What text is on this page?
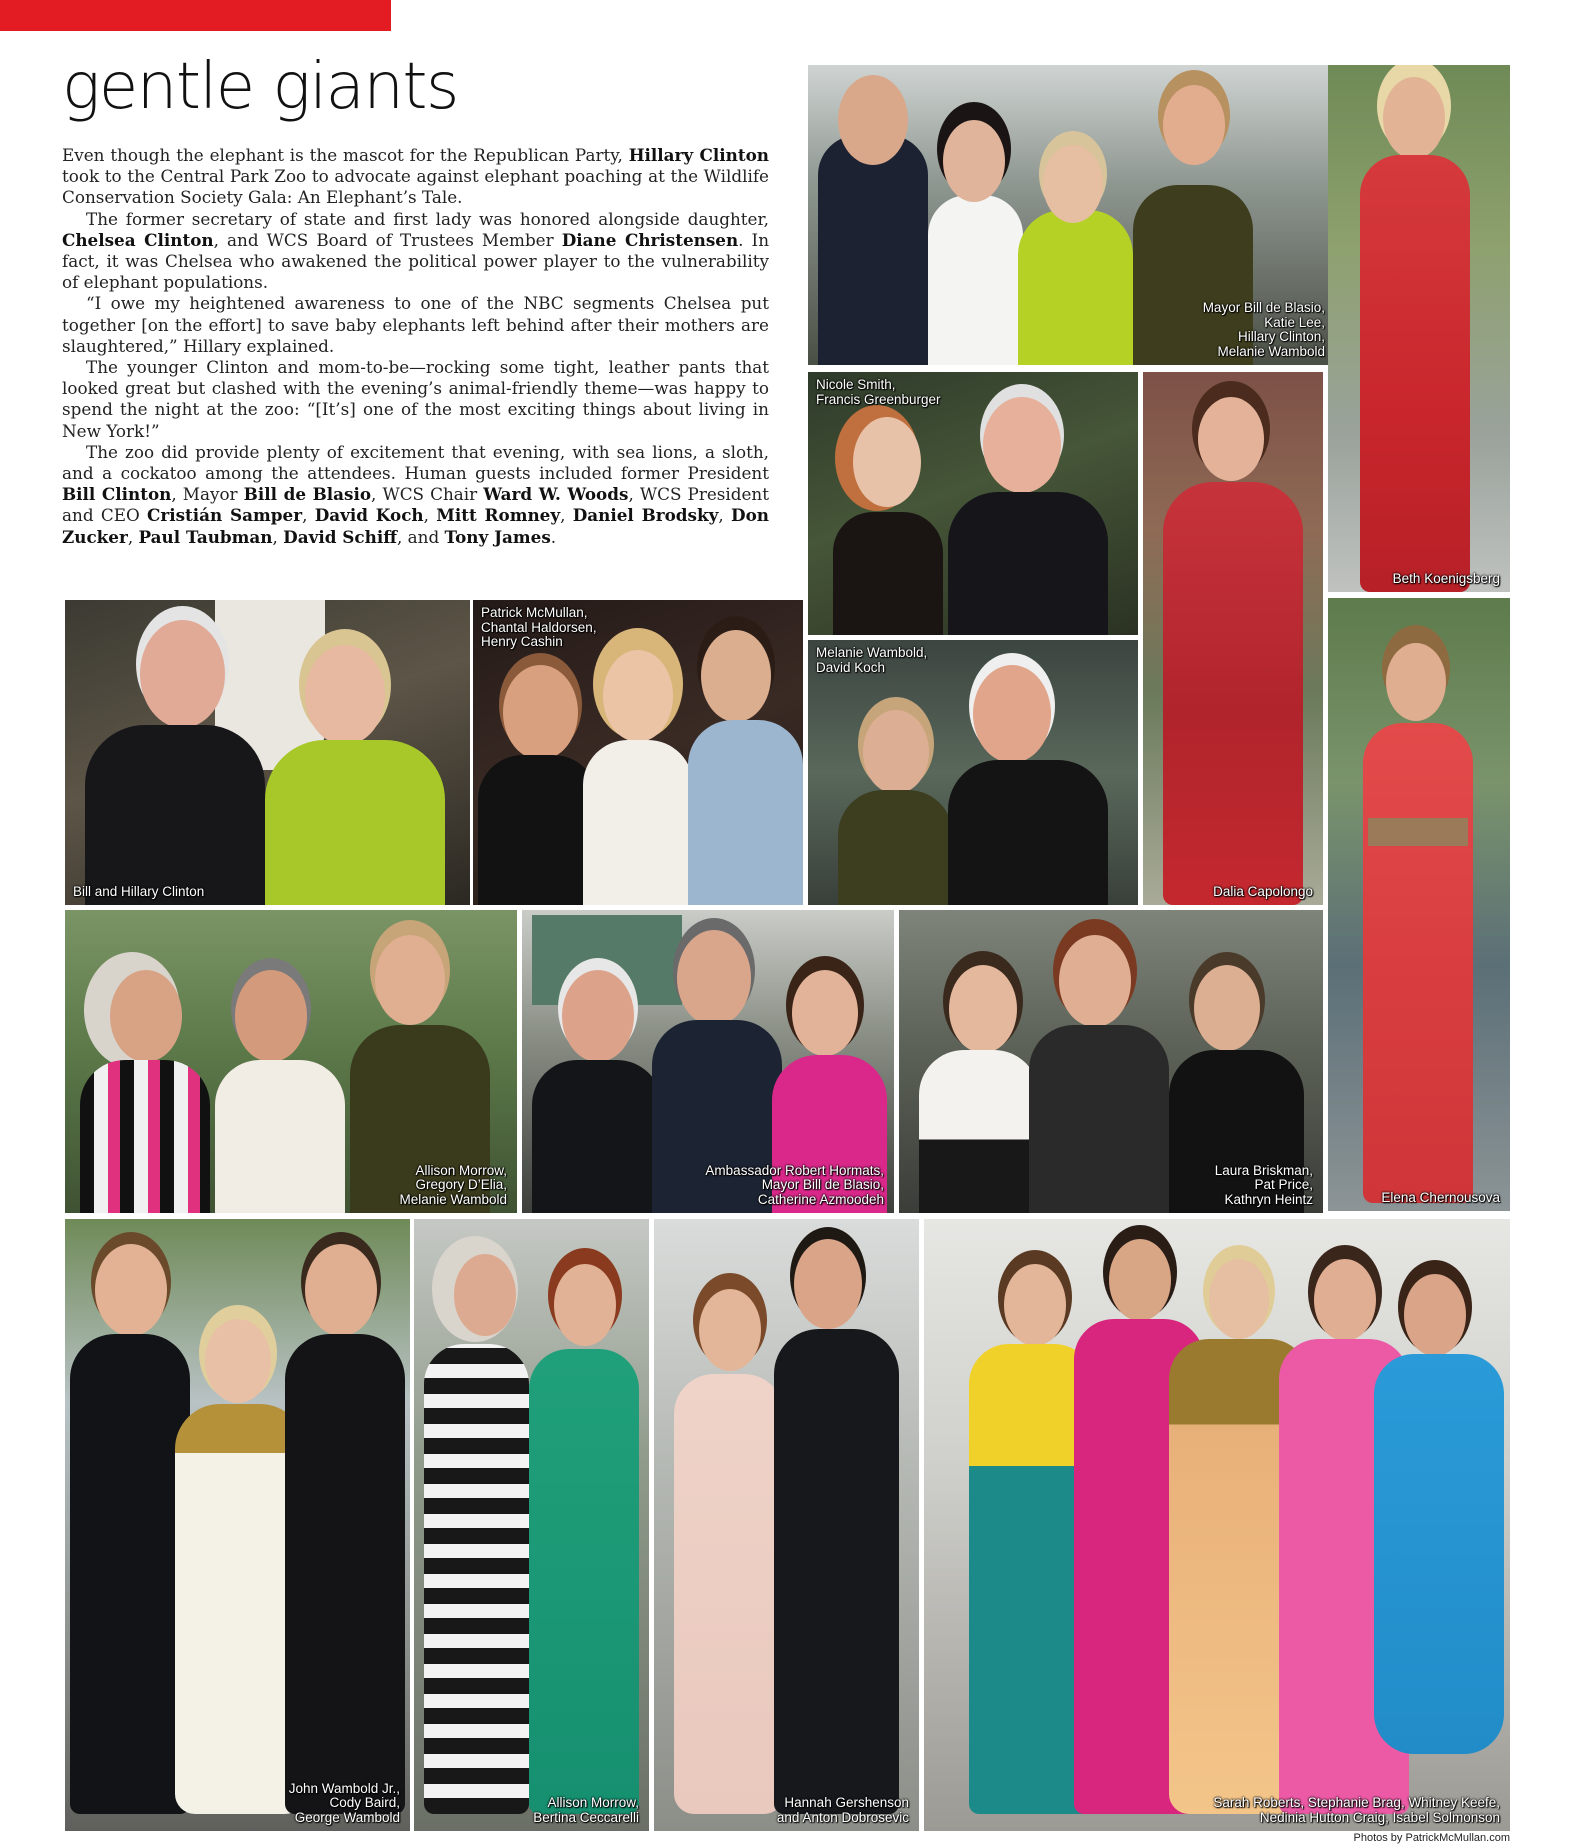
gentle giants

Even though the elephant is the mascot for the Republican Party, Hillary Clinton took to the Central Park Zoo to advocate against elephant poaching at the Wildlife Conservation Society Gala: An Elephant’s Tale.

The former secretary of state and first lady was honored alongside daughter, Chelsea Clinton, and WCS Board of Trustees Member Diane Christensen. In fact, it was Chelsea who awakened the political power player to the vulnerability of elephant populations.

“I owe my heightened awareness to one of the NBC segments Chelsea put together [on the effort] to save baby elephants left behind after their mothers are slaughtered,” Hillary explained.

The younger Clinton and mom-to-be—rocking some tight, leather pants that looked great but clashed with the evening’s animal-friendly theme—was happy to spend the night at the zoo: “[It’s] one of the most exciting things about living in New York!”

The zoo did provide plenty of excitement that evening, with sea lions, a sloth, and a cockatoo among the attendees. Human guests included former President Bill Clinton, Mayor Bill de Blasio, WCS Chair Ward W. Woods, WCS President and CEO Cristián Samper, David Koch, Mitt Romney, Daniel Brodsky, Don Zucker, Paul Taubman, David Schiff, and Tony James.

Mayor Bill de Blasio,
Katie Lee,
Hillary Clinton,
Melanie Wambold
Beth Koenigsberg
Nicole Smith,
Francis Greenburger
Dalia Capolongo
Melanie Wambold,
David Koch
Bill and Hillary Clinton
Patrick McMullan,
Chantal Haldorsen,
Henry Cashin
Elena Chernousova
Allison Morrow,
Gregory D’Elia,
Melanie Wambold
Ambassador Robert Hormats,
Mayor Bill de Blasio,
Catherine Azmoodeh
Laura Briskman,
Pat Price,
Kathryn Heintz
John Wambold Jr.,
Cody Baird,
George Wambold
Allison Morrow,
Bertina Ceccarelli
Hannah Gershenson
and Anton Dobrosevic
Sarah Roberts, Stephanie Brag, Whitney Keefe,
Nedinia Hutton Craig, Isabel Solmonson
Photos by PatrickMcMullan.com
